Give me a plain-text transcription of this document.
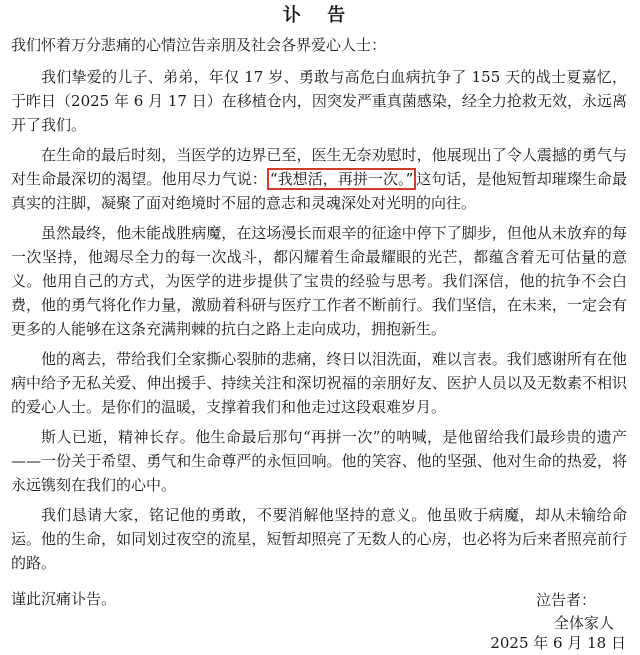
讣 告
我们怀着万分悲痛的心情泣告亲朋及社会各界爱心人士：

我们挚爱的儿子、弟弟，年仅 17 岁、勇敢与高危白血病抗争了 155 天的战士夏嘉忆，于昨日（2025 年 6 月 17 日）在移植仓内，因突发严重真菌感染，经全力抢救无效，永远离开了我们。

在生命的最后时刻，当医学的边界已至，医生无奈劝慰时，他展现出了令人震撼的勇气与对生命最深切的渴望。他用尽力气说： “我想活，再拼一次。” 这句话，是他短暂却璀璨生命最真实的注脚，凝聚了面对绝境时不屈的意志和灵魂深处对光明的向往。

虽然最终，他未能战胜病魔，在这场漫长而艰辛的征途中停下了脚步，但他从未放弃的每一次坚持，他竭尽全力的每一次战斗，都闪耀着生命最耀眼的光芒，都蕴含着无可估量的意义。他用自己的方式，为医学的进步提供了宝贵的经验与思考。我们深信，他的抗争不会白费，他的勇气将化作力量，激励着科研与医疗工作者不断前行。我们坚信，在未来，一定会有更多的人能够在这条充满荆棘的抗白之路上走向成功，拥抱新生。

他的离去，带给我们全家撕心裂肺的悲痛，终日以泪洗面，难以言表。我们感谢所有在他病中给予无私关爱、伸出援手、持续关注和深切祝福的亲朋好友、医护人员以及无数素不相识的爱心人士。是你们的温暖，支撑着我们和他走过这段艰难岁月。

斯人已逝，精神长存。他生命最后那句“再拼一次”的呐喊，是他留给我们最珍贵的遗产——一份关于希望、勇气和生命尊严的永恒回响。他的笑容、他的坚强、他对生命的热爱，将永远镌刻在我们的心中。

我们恳请大家，铭记他的勇敢，不要消解他坚持的意义。他虽败于病魔，却从未输给命运。他的生命，如同划过夜空的流星，短暂却照亮了无数人的心房，也必将为后来者照亮前行的路。

谨此沉痛讣告。	泣告者：
全体家人
2025 年 6 月 18 日
